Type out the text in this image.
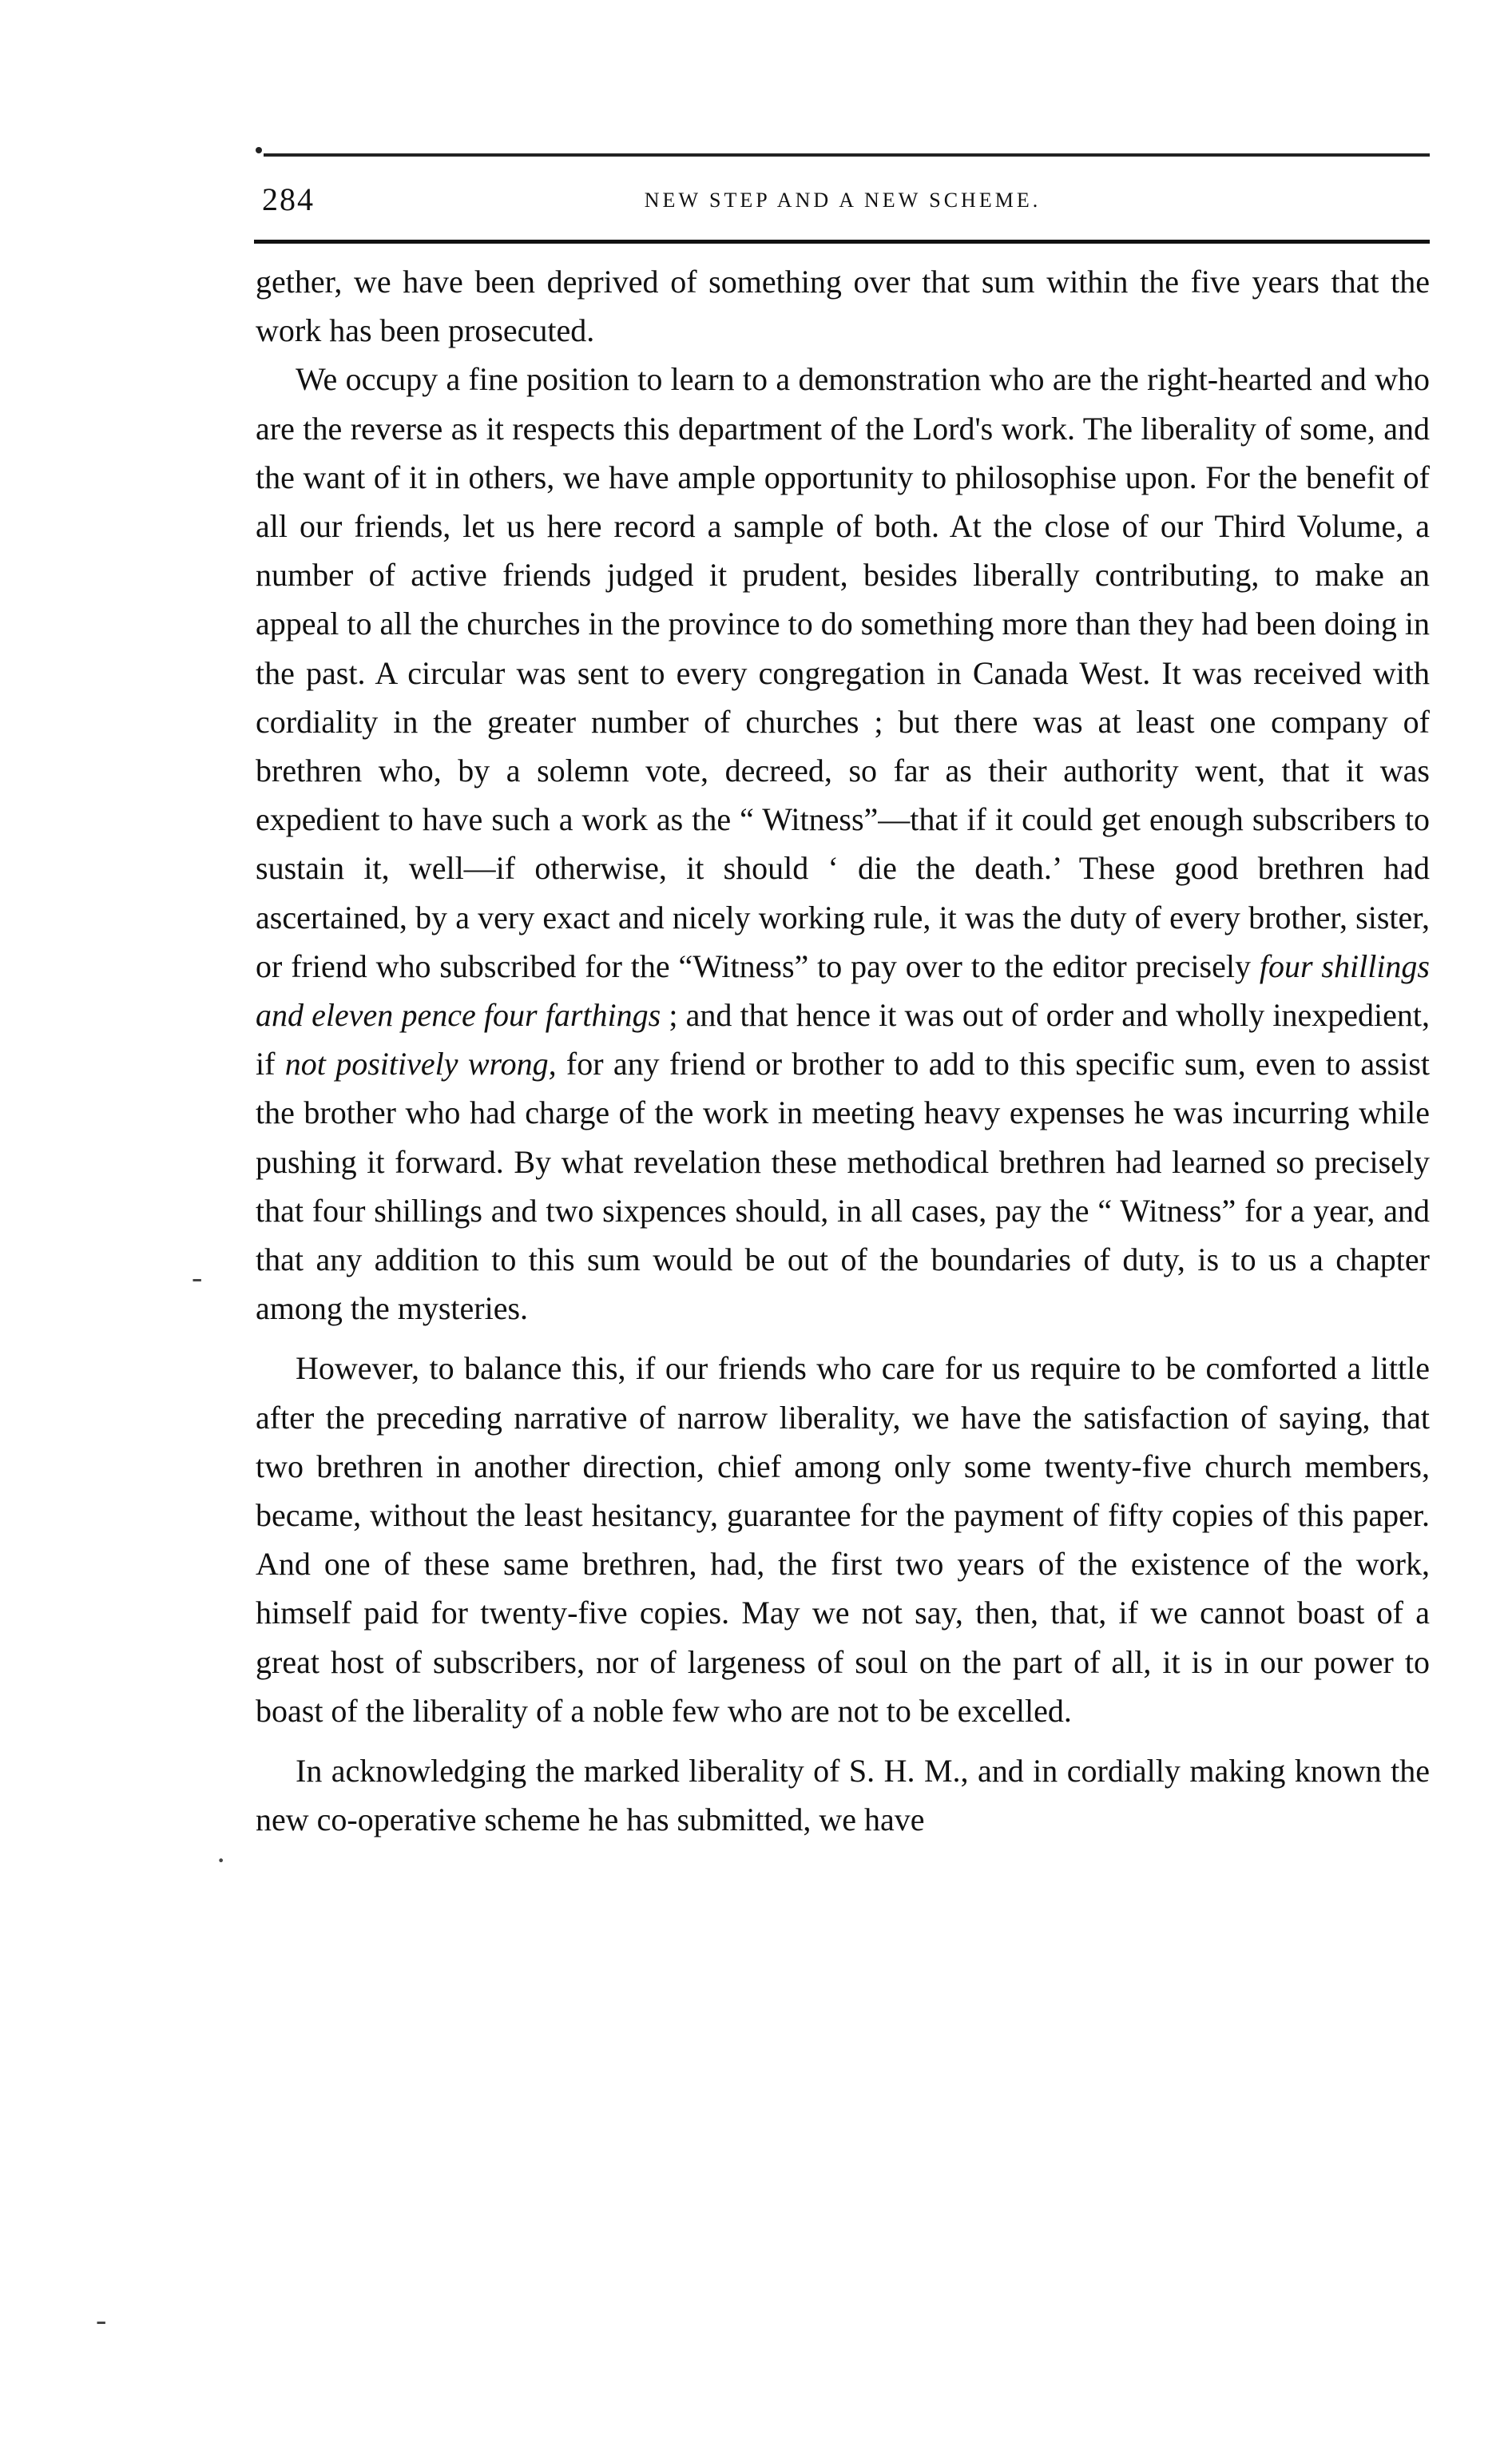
284	NEW STEP AND A NEW SCHEME.

gether, we have been deprived of something over that sum within the five years that the work has been prosecuted.

We occupy a fine position to learn to a demonstration who are the right-hearted and who are the reverse as it respects this department of the Lord's work. The liberality of some, and the want of it in others, we have ample opportunity to philosophise upon. For the benefit of all our friends, let us here record a sample of both. At the close of our Third Volume, a number of active friends judged it prudent, besides liberally contributing, to make an appeal to all the churches in the province to do something more than they had been doing in the past. A circular was sent to every congregation in Canada West. It was received with cordiality in the greater number of churches ; but there was at least one company of brethren who, by a solemn vote, decreed, so far as their authority went, that it was expedient to have such a work as the “ Witness”—that if it could get enough subscribers to sustain it, well—if otherwise, it should ‘ die the death.’ These good brethren had ascertained, by a very exact and nicely working rule, it was the duty of every brother, sister, or friend who subscribed for the “Witness” to pay over to the editor precisely four shillings and eleven pence four farthings ; and that hence it was out of order and wholly inexpedient, if not positively wrong, for any friend or brother to add to this specific sum, even to assist the brother who had charge of the work in meeting heavy expenses he was incurring while pushing it forward. By what revelation these methodical brethren had learned so precisely that four shillings and two sixpences should, in all cases, pay the “ Witness” for a year, and that any addition to this sum would be out of the boundaries of duty, is to us a chapter among the mysteries.

However, to balance this, if our friends who care for us require to be comforted a little after the preceding narrative of narrow liberality, we have the satisfaction of saying, that two brethren in another direction, chief among only some twenty-five church members, became, without the least hesitancy, guarantee for the payment of fifty copies of this paper. And one of these same brethren, had, the first two years of the existence of the work, himself paid for twenty-five copies. May we not say, then, that, if we cannot boast of a great host of subscribers, nor of largeness of soul on the part of all, it is in our power to boast of the liberality of a noble few who are not to be excelled.

In acknowledging the marked liberality of S. H. M., and in cordially making known the new co-operative scheme he has submitted, we have

-
·
-
